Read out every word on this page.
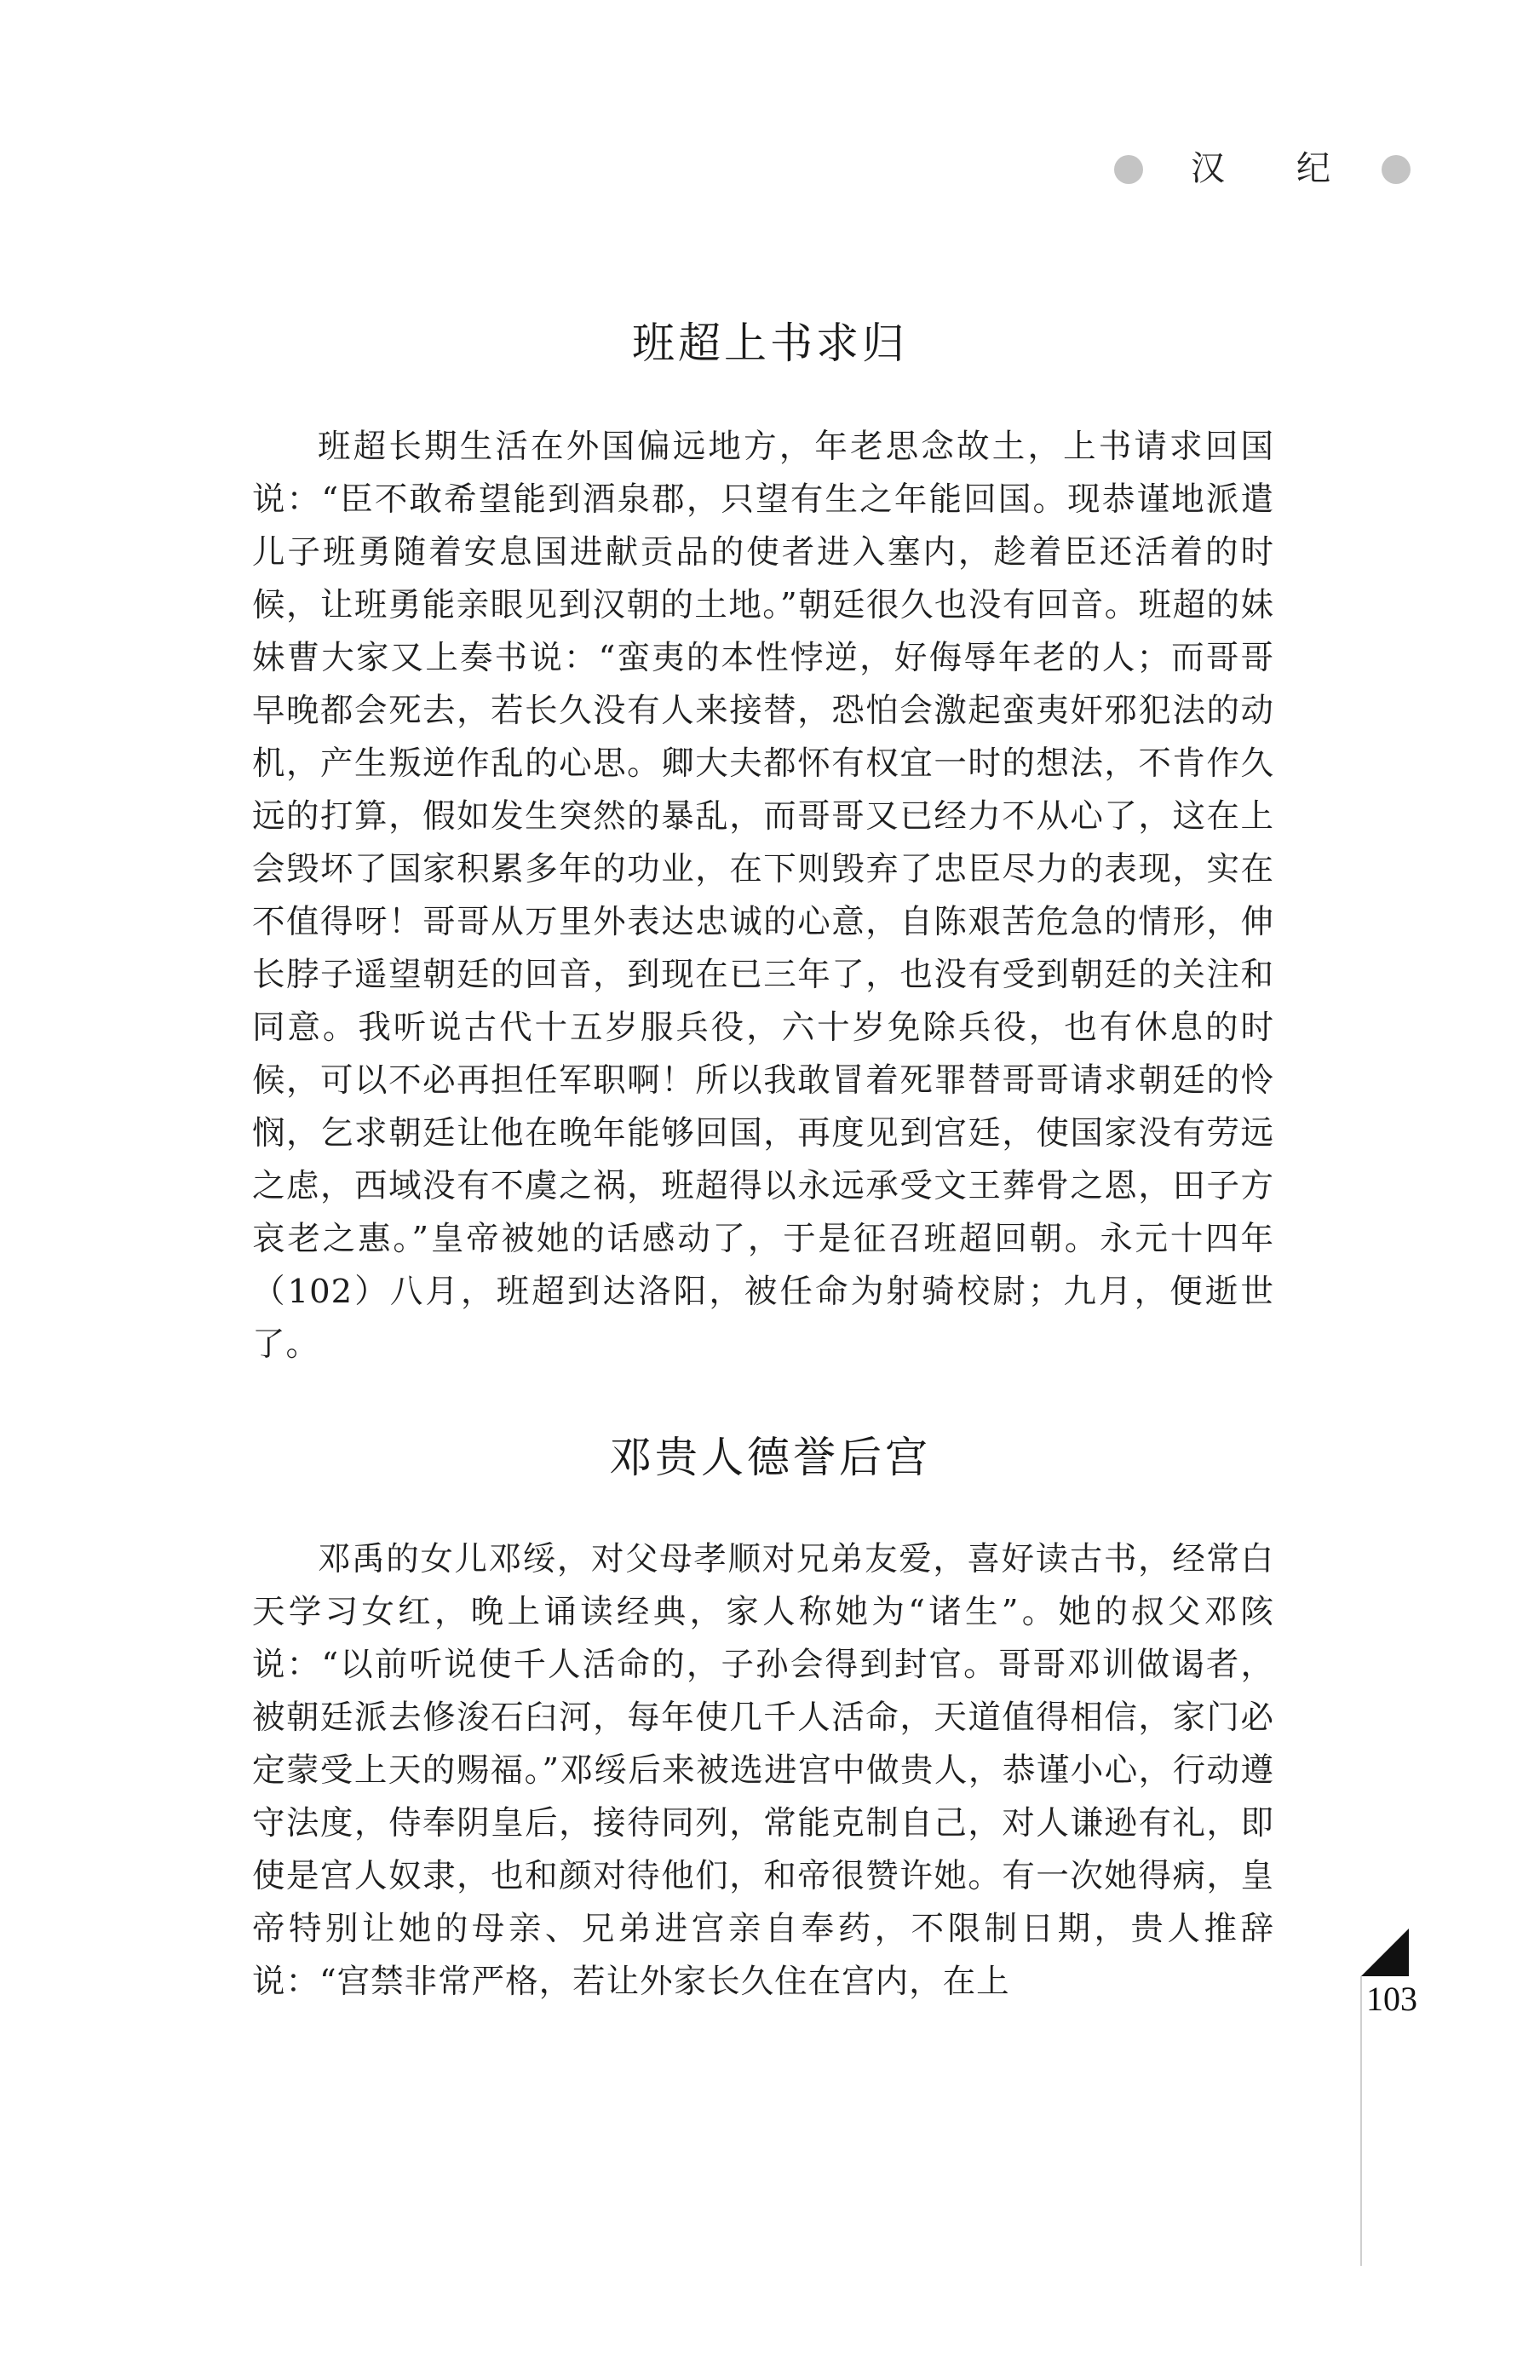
汉 纪
班超上书求归

班超长期生活在外国偏远地方，年老思念故土，上书请求回国说：“臣不敢希望能到酒泉郡，只望有生之年能回国。现恭谨地派遣儿子班勇随着安息国进献贡品的使者进入塞内，趁着臣还活着的时候，让班勇能亲眼见到汉朝的土地。”朝廷很久也没有回音。班超的妹妹曹大家又上奏书说：“蛮夷的本性悖逆，好侮辱年老的人；而哥哥早晚都会死去，若长久没有人来接替，恐怕会激起蛮夷奸邪犯法的动机，产生叛逆作乱的心思。卿大夫都怀有权宜一时的想法，不肯作久远的打算，假如发生突然的暴乱，而哥哥又已经力不从心了，这在上会毁坏了国家积累多年的功业，在下则毁弃了忠臣尽力的表现，实在不值得呀！哥哥从万里外表达忠诚的心意，自陈艰苦危急的情形，伸长脖子遥望朝廷的回音，到现在已三年了，也没有受到朝廷的关注和同意。我听说古代十五岁服兵役，六十岁免除兵役，也有休息的时候，可以不必再担任军职啊！所以我敢冒着死罪替哥哥请求朝廷的怜悯，乞求朝廷让他在晚年能够回国，再度见到宫廷，使国家没有劳远之虑，西域没有不虞之祸，班超得以永远承受文王葬骨之恩，田子方哀老之惠。”皇帝被她的话感动了，于是征召班超回朝。永元十四年（102）八月，班超到达洛阳，被任命为射骑校尉；九月，便逝世了。

邓贵人德誉后宫

邓禹的女儿邓绥，对父母孝顺对兄弟友爱，喜好读古书，经常白天学习女红，晚上诵读经典，家人称她为“诸生”。她的叔父邓陔说：“以前听说使千人活命的，子孙会得到封官。哥哥邓训做谒者，被朝廷派去修浚石臼河，每年使几千人活命，天道值得相信，家门必定蒙受上天的赐福。”邓绥后来被选进宫中做贵人，恭谨小心，行动遵守法度，侍奉阴皇后，接待同列，常能克制自己，对人谦逊有礼，即使是宫人奴隶，也和颜对待他们，和帝很赞许她。有一次她得病，皇帝特别让她的母亲、兄弟进宫亲自奉药，不限制日期，贵人推辞说：“宫禁非常严格，若让外家长久住在宫内，在上	103
